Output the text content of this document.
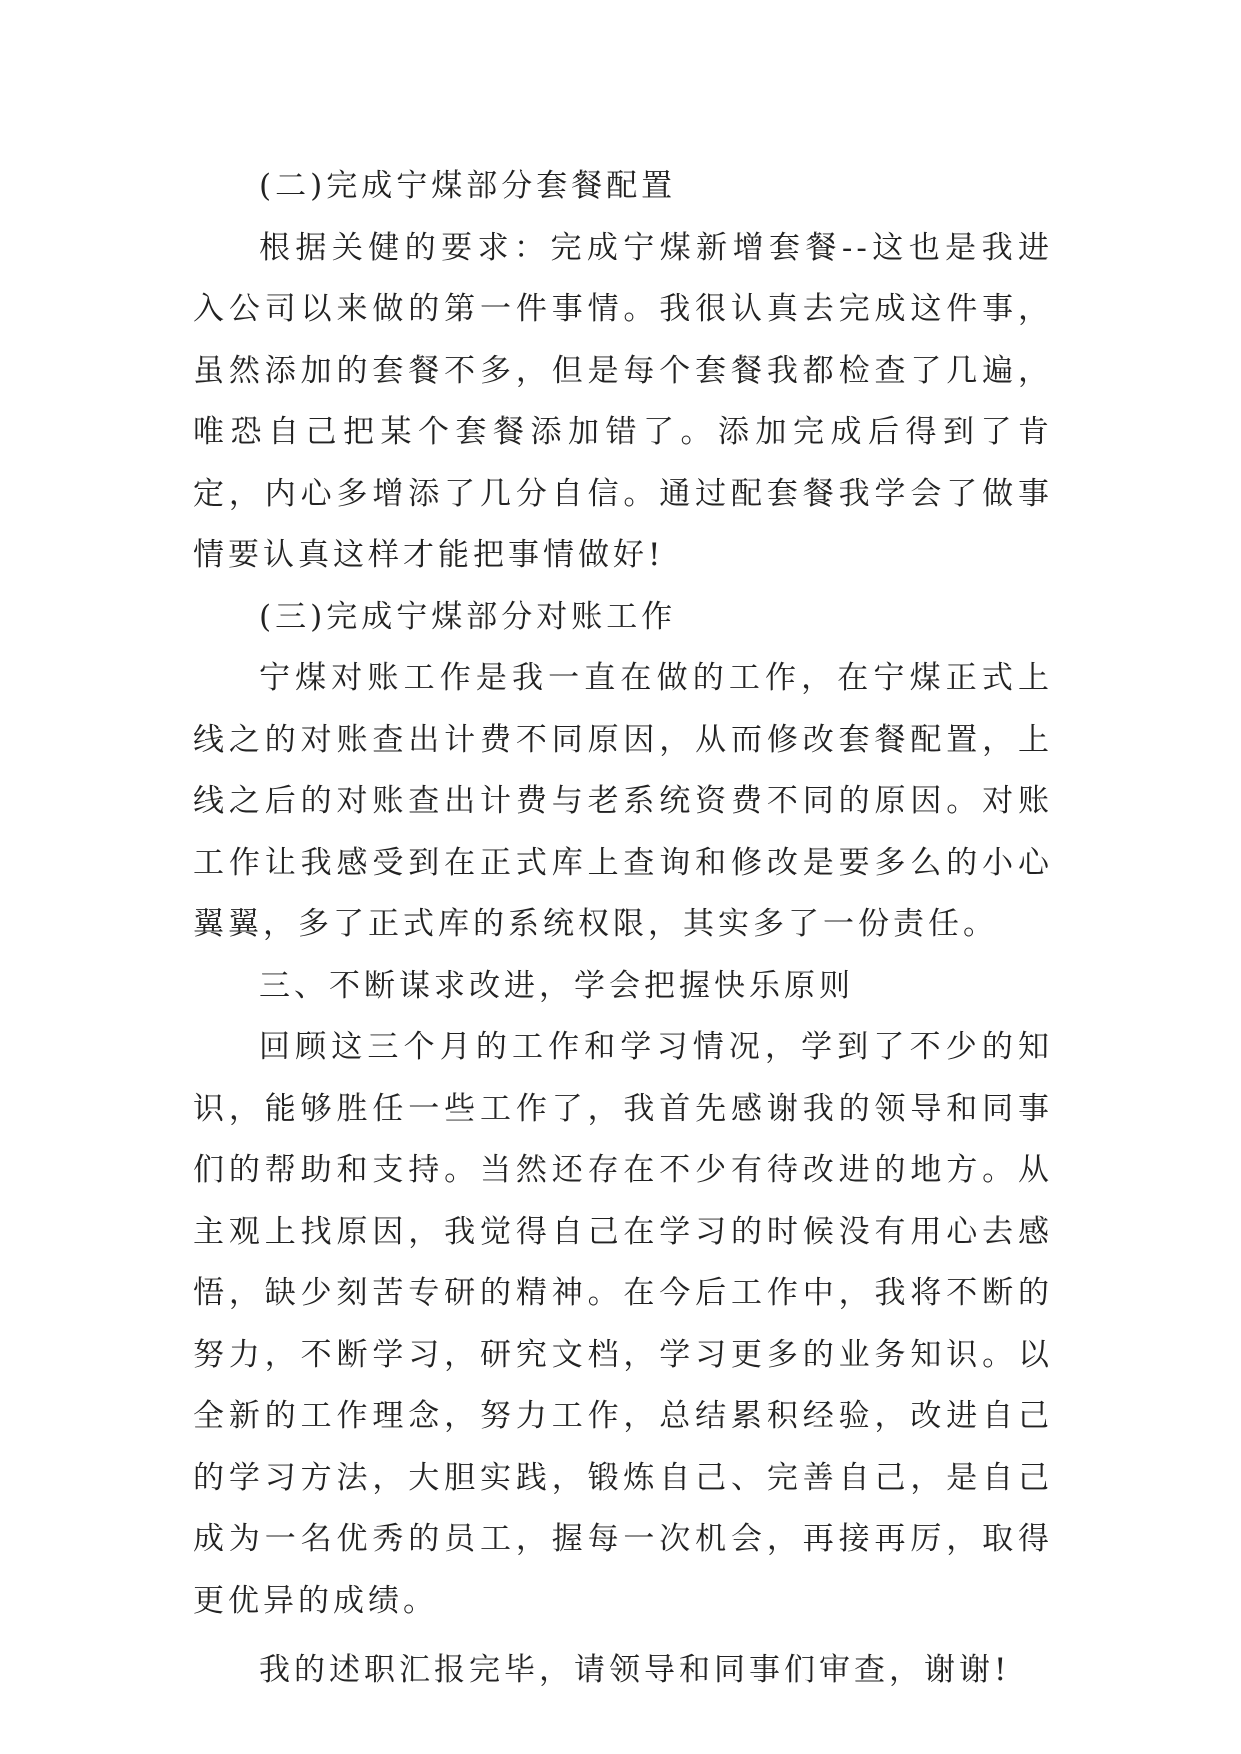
(二)完成宁煤部分套餐配置

根据关健的要求：完成宁煤新增套餐--这也是我进入公司以来做的第一件事情。我很认真去完成这件事，虽然添加的套餐不多，但是每个套餐我都检查了几遍，唯恐自己把某个套餐添加错了。添加完成后得到了肯定，内心多增添了几分自信。通过配套餐我学会了做事情要认真这样才能把事情做好!

(三)完成宁煤部分对账工作

宁煤对账工作是我一直在做的工作，在宁煤正式上线之的对账查出计费不同原因，从而修改套餐配置，上线之后的对账查出计费与老系统资费不同的原因。对账工作让我感受到在正式库上查询和修改是要多么的小心翼翼，多了正式库的系统权限，其实多了一份责任。

三、不断谋求改进，学会把握快乐原则

回顾这三个月的工作和学习情况，学到了不少的知识，能够胜任一些工作了，我首先感谢我的领导和同事们的帮助和支持。当然还存在不少有待改进的地方。从主观上找原因，我觉得自己在学习的时候没有用心去感悟，缺少刻苦专研的精神。在今后工作中，我将不断的努力，不断学习，研究文档，学习更多的业务知识。以全新的工作理念，努力工作，总结累积经验，改进自己的学习方法，大胆实践，锻炼自己、完善自己，是自己成为一名优秀的员工，握每一次机会，再接再厉，取得更优异的成绩。

我的述职汇报完毕，请领导和同事们审查，谢谢!
